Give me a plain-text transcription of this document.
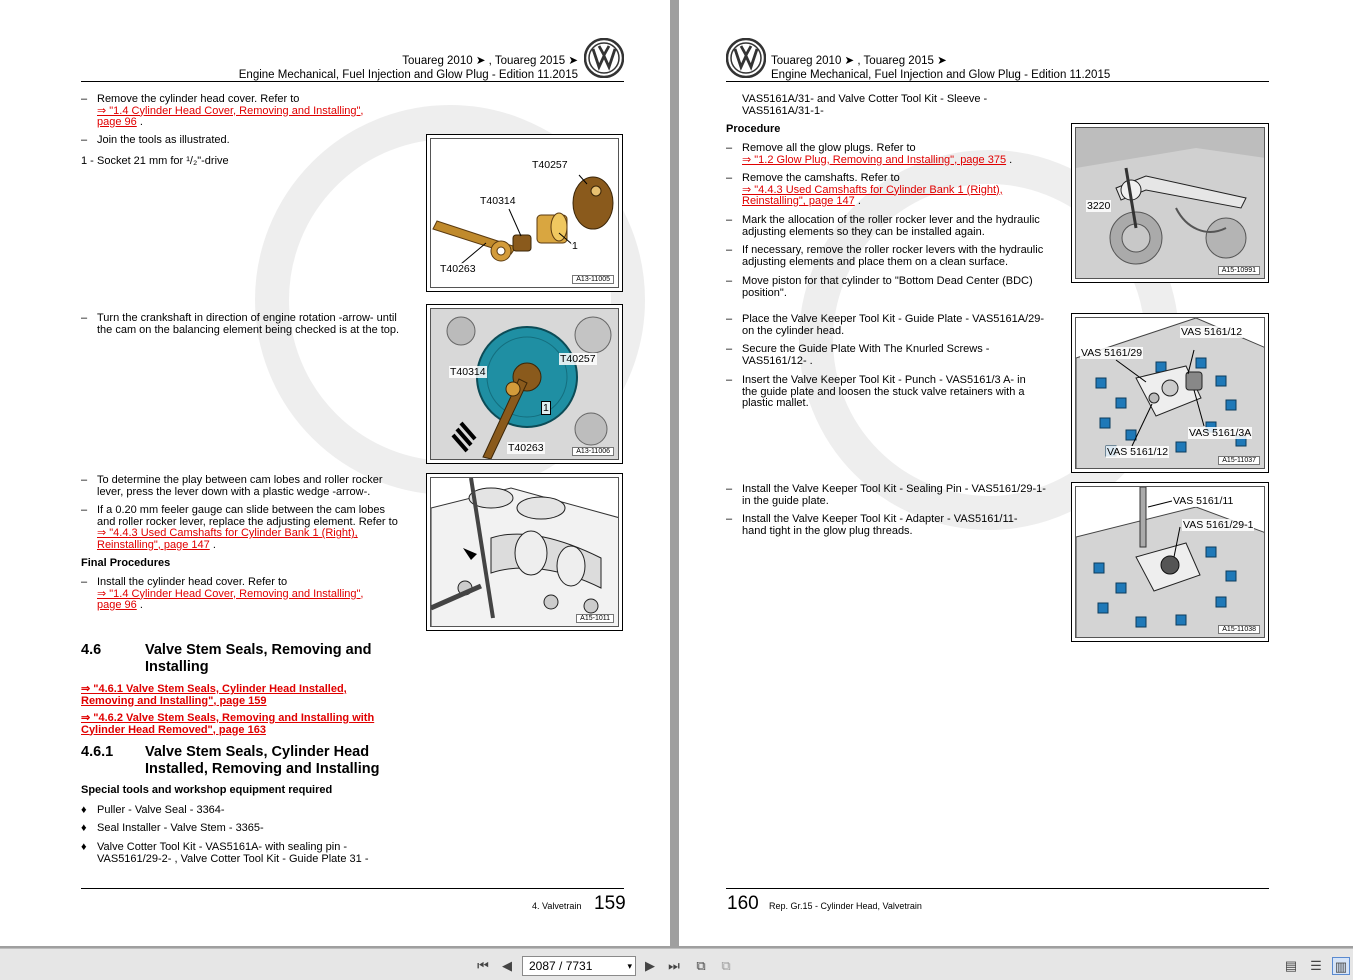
Touareg 2010 ➤ , Touareg 2015 ➤
Engine Mechanical, Fuel Injection and Glow Plug - Edition 11.2015
– Remove the cylinder head cover. Refer to
⇒ "1.4 Cylinder Head Cover, Removing and Installing", page 96 .
– Join the tools as illustrated.
1 - Socket 21 mm for ¹/₂"-drive	T40257
T40314
1
T40263
A13-11005
– Turn the crankshaft in direction of engine rotation -arrow- until the cam on the balancing element being checked is at the top.
T40257
T40314
1
T40263	A13-11006
– To determine the play between cam lobes and roller rocker lever, press the lever down with a plastic wedge -arrow-.
– If a 0.20 mm feeler gauge can slide between the cam lobes and roller rocker lever, replace the adjusting element. Refer to
⇒ "4.4.3 Used Camshafts for Cylinder Bank 1 (Right), Reinstalling", page 147 .
Final Procedures
– Install the cylinder head cover. Refer to
⇒ "1.4 Cylinder Head Cover, Removing and Installing", page 96 .
A15-1011
4.6	Valve Stem Seals, Removing and Installing
⇒ "4.6.1 Valve Stem Seals, Cylinder Head Installed, Removing and Installing", page 159
⇒ "4.6.2 Valve Stem Seals, Removing and Installing with Cylinder Head Removed", page 163
4.6.1 Valve Stem Seals, Cylinder Head Installed, Removing and Installing
Special tools and workshop equipment required
♦ Puller - Valve Seal - 3364-
♦ Seal Installer - Valve Stem - 3365-
♦ Valve Cotter Tool Kit - VAS5161A- with sealing pin - VAS5161/29-2- , Valve Cotter Tool Kit - Guide Plate 31 -
4. Valvetrain 159
Touareg 2010 ➤ , Touareg 2015 ➤
Engine Mechanical, Fuel Injection and Glow Plug - Edition 11.2015
VAS5161A/31- and Valve Cotter Tool Kit - Sleeve - VAS5161A/31-1-
Procedure
– Remove all the glow plugs. Refer to
⇒ "1.2 Glow Plug, Removing and Installing", page 375 .
– Remove the camshafts. Refer to
⇒ "4.4.3 Used Camshafts for Cylinder Bank 1 (Right), Reinstalling", page 147 .
– Mark the allocation of the roller rocker lever and the hydraulic adjusting elements so they can be installed again.
– If necessary, remove the roller rocker levers with the hydraulic adjusting elements and place them on a clean surface.
– Move piston for that cylinder to "Bottom Dead Center (BDC) position".
– Place the Valve Keeper Tool Kit - Guide Plate - VAS5161A/29- on the cylinder head.
– Secure the Guide Plate With The Knurled Screws - VAS5161/12- .
– Insert the Valve Keeper Tool Kit - Punch - VAS5161/3 A- in the guide plate and loosen the stuck valve retainers with a plastic mallet.
– Install the Valve Keeper Tool Kit - Sealing Pin - VAS5161/29-1- in the guide plate.
– Install the Valve Keeper Tool Kit - Adapter - VAS5161/11- hand tight in the glow plug threads.
3220
A15-10991
VAS 5161/12
VAS 5161/29
VAS 5161/3A
VAS 5161/12
A15-11037
VAS 5161/11
VAS 5161/29-1
A15-11038
160 Rep. Gr.15 - Cylinder Head, Valvetrain
⏮	◀	2087 / 7731	▾	▶	⏭	⧉	⧉	▤ ☰ ▥
